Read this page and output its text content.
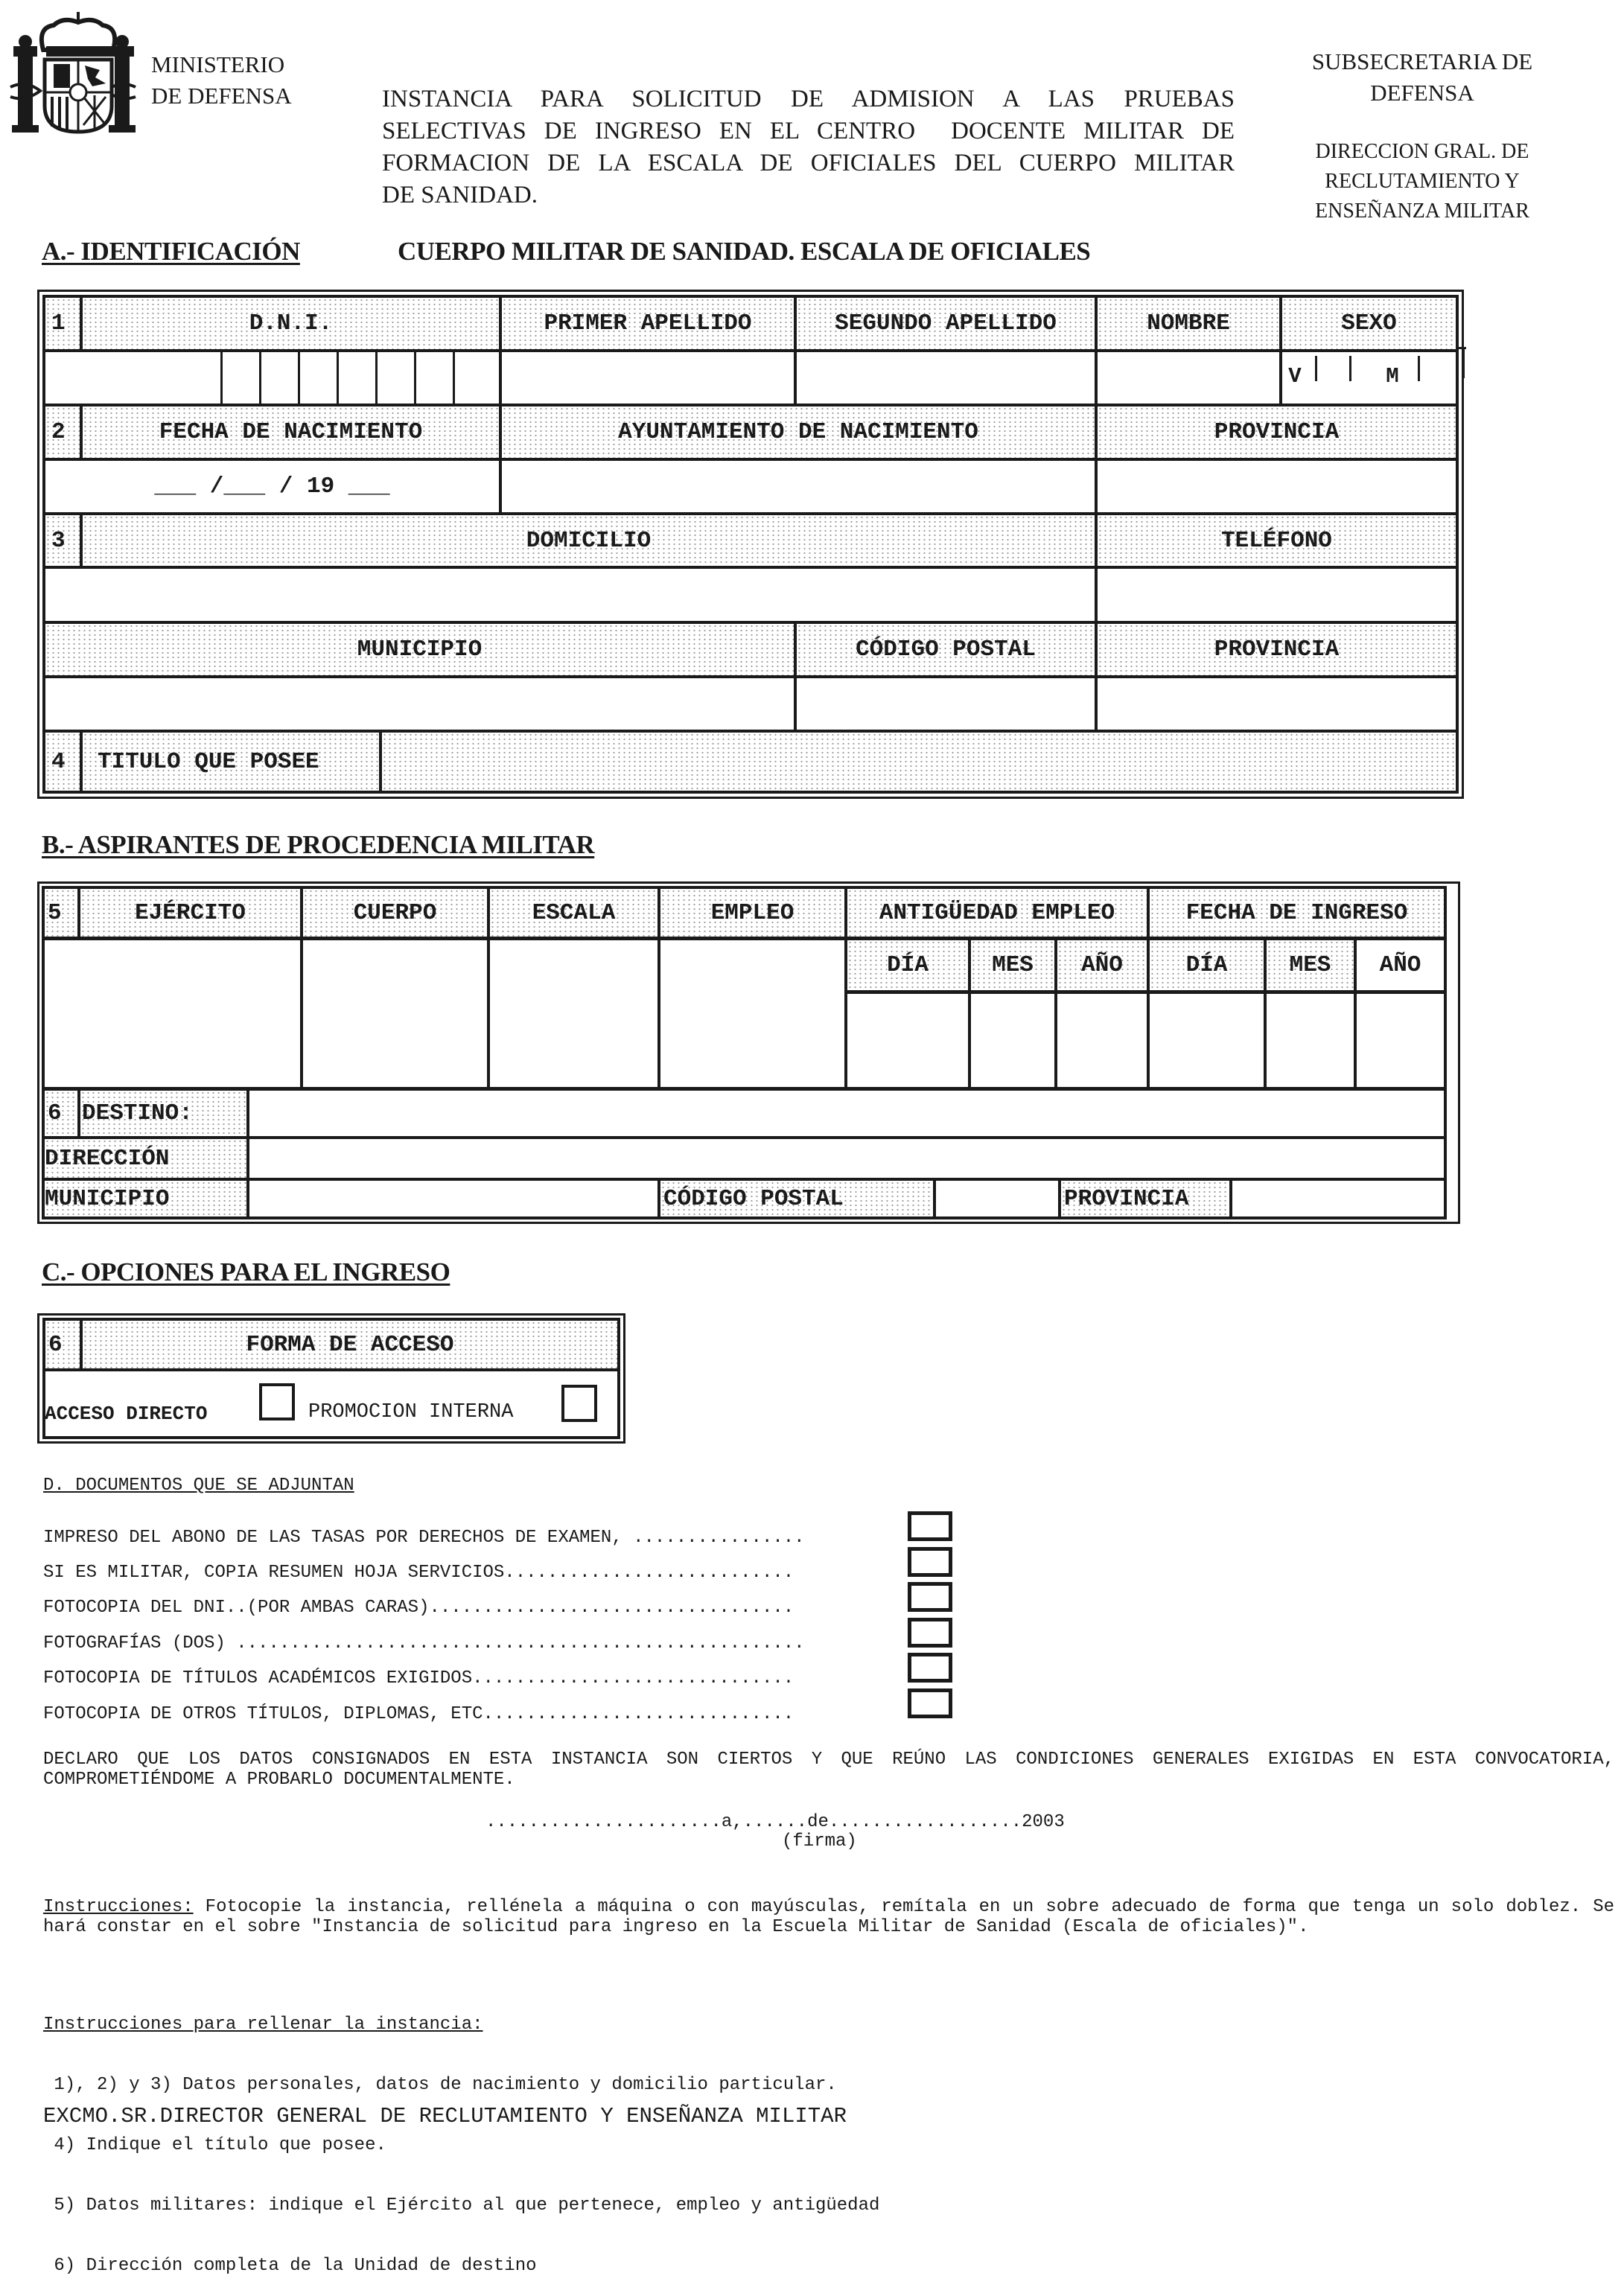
MINISTERIO
DE DEFENSA	INSTANCIA  PARA  SOLICITUD  DE  ADMISION  A  LAS  PRUEBAS
SELECTIVAS DE INGRESO EN EL CENTRO  DOCENTE MILITAR DE
FORMACION DE LA ESCALA DE OFICIALES DEL CUERPO MILITAR
DE SANIDAD.
SUBSECRETARIA DE
DEFENSA
DIRECCION GRAL. DE
RECLUTAMIENTO Y
ENSEÑANZA MILITAR
A.- IDENTIFICACIÓN	CUERPO MILITAR DE SANIDAD. ESCALA DE OFICIALES
1	D.N.I.	PRIMER APELLIDO	SEGUNDO APELLIDO	NOMBRE	SEXO
V	M
2	FECHA DE NACIMIENTO	AYUNTAMIENTO DE NACIMIENTO	PROVINCIA
___ /___ / 19 ___
3	DOMICILIO	TELÉFONO
MUNICIPIO	CÓDIGO POSTAL	PROVINCIA
4	TITULO QUE POSEE
B.- ASPIRANTES DE PROCEDENCIA MILITAR
5	EJÉRCITO	CUERPO	ESCALA	EMPLEO	ANTIGÜEDAD EMPLEO	FECHA DE INGRESO
DÍA	MES	AÑO	DÍA	MES	AÑO
6 DESTINO:
DIRECCIÓN
MUNICIPIO	CÓDIGO POSTAL	PROVINCIA
C.- OPCIONES PARA EL INGRESO
6	FORMA DE ACCESO
ACCESO DIRECTO	PROMOCION INTERNA
D. DOCUMENTOS QUE SE ADJUNTAN
IMPRESO DEL ABONO DE LAS TASAS POR DERECHOS DE EXAMEN, ................
SI ES MILITAR, COPIA RESUMEN HOJA SERVICIOS...........................
FOTOCOPIA DEL DNI..(POR AMBAS CARAS)..................................
FOTOGRAFÍAS (DOS) .....................................................
FOTOCOPIA DE TÍTULOS ACADÉMICOS EXIGIDOS..............................
FOTOCOPIA DE OTROS TÍTULOS, DIPLOMAS, ETC.............................
DECLARO QUE LOS DATOS CONSIGNADOS EN ESTA INSTANCIA SON CIERTOS Y QUE REÚNO LAS CONDICIONES GENERALES EXIGIDAS EN ESTA CONVOCATORIA, COMPROMETIÉNDOME A PROBARLO DOCUMENTALMENTE.
......................a,......de..................2003
(firma)
Instrucciones: Fotocopie la instancia, rellénela a máquina o con mayúsculas, remítala en un sobre adecuado de forma que tenga un solo doblez. Se hará constar en el sobre "Instancia de solicitud para ingreso en la Escuela Militar de Sanidad (Escala de oficiales)".

Instrucciones para rellenar la instancia:

1), 2) y 3) Datos personales, datos de nacimiento y domicilio particular.

4) Indique el título que posee.

5) Datos militares: indique el Ejército al que pertenece, empleo y antigüedad

6) Dirección completa de la Unidad de destino

EXCMO.SR.DIRECTOR GENERAL DE RECLUTAMIENTO Y ENSEÑANZA MILITAR
